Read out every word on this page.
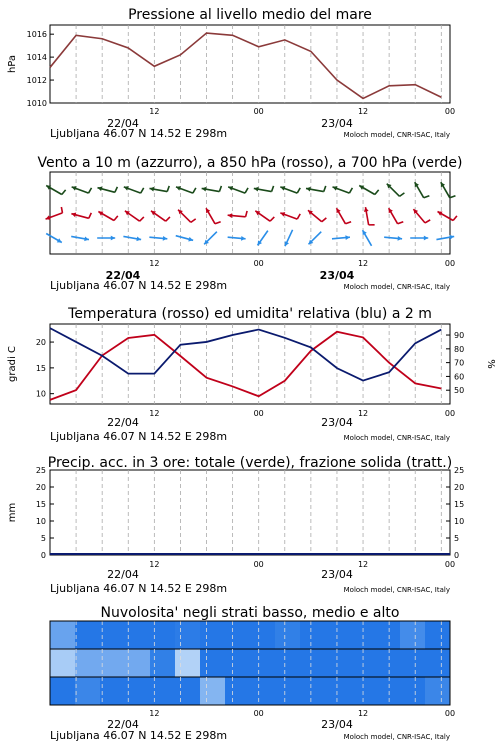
Pressione al livello medio del mare
12	00	12	00
22/04	23/04
Ljubljana 46.07 N 14.52 E 298m	Moloch model, CNR-ISAC, Italy
1010
1012
1014
1016
hPa
Vento a 10 m (azzurro), a 850 hPa (rosso), a 700 hPa (verde)
12	00	12	00
22/04	23/04
Ljubljana 46.07 N 14.52 E 298m	Moloch model, CNR-ISAC, Italy
Temperatura (rosso) ed umidita' relativa (blu) a 2 m
12	00	12	00
22/04	23/04
Ljubljana 46.07 N 14.52 E 298m	Moloch model, CNR-ISAC, Italy
10
15
20
50
60
70
80
90
gradi C	%
Precip. acc. in 3 ore: totale (verde), frazione solida (tratt.)
12	00	12	00
22/04	23/04
Ljubljana 46.07 N 14.52 E 298m	Moloch model, CNR-ISAC, Italy
0	0
5	5
10	10
15	15
20	20
25	25
mm
Nuvolosita' negli strati basso, medio e alto
12	00	12	00
22/04	23/04
Ljubljana 46.07 N 14.52 E 298m	Moloch model, CNR-ISAC, Italy
